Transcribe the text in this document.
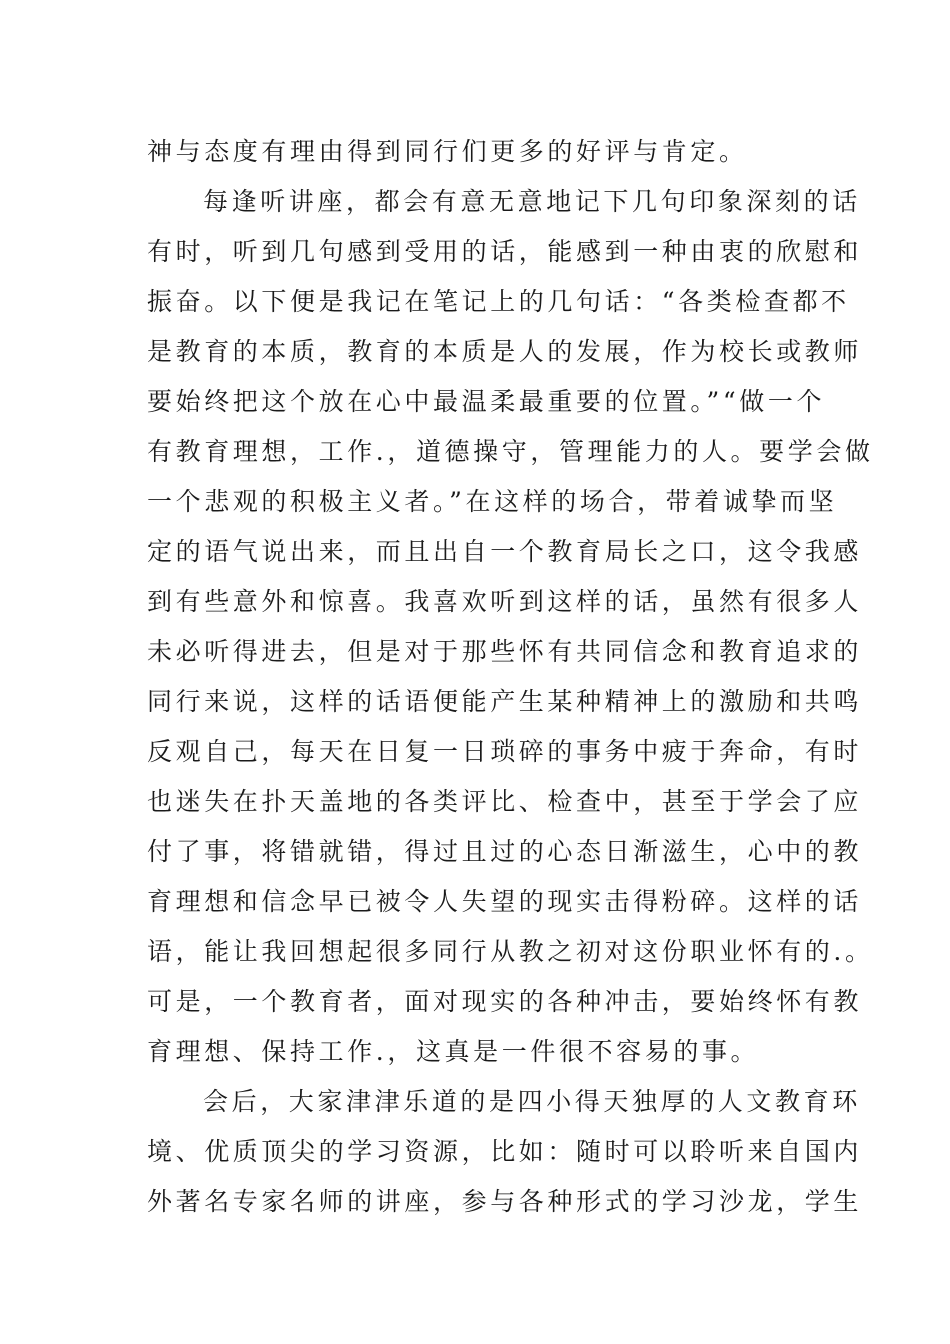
神与态度有理由得到同行们更多的好评与肯定。
每逢听讲座，都会有意无意地记下几句印象深刻的话
有时，听到几句感到受用的话，能感到一种由衷的欣慰和
振奋。以下便是我记在笔记上的几句话：“各类检查都不
是教育的本质，教育的本质是人的发展，作为校长或教师
要始终把这个放在心中最温柔最重要的位置。”“做一个
有教育理想，工作.，道德操守，管理能力的人。要学会做
一个悲观的积极主义者。”在这样的场合，带着诚挚而坚
定的语气说出来，而且出自一个教育局长之口，这令我感
到有些意外和惊喜。我喜欢听到这样的话，虽然有很多人
未必听得进去，但是对于那些怀有共同信念和教育追求的
同行来说，这样的话语便能产生某种精神上的激励和共鸣
反观自己，每天在日复一日琐碎的事务中疲于奔命，有时
也迷失在扑天盖地的各类评比、检查中，甚至于学会了应
付了事，将错就错，得过且过的心态日渐滋生，心中的教
育理想和信念早已被令人失望的现实击得粉碎。这样的话
语，能让我回想起很多同行从教之初对这份职业怀有的.。
可是，一个教育者，面对现实的各种冲击，要始终怀有教
育理想、保持工作.，这真是一件很不容易的事。
会后，大家津津乐道的是四小得天独厚的人文教育环
境、优质顶尖的学习资源，比如：随时可以聆听来自国内
外著名专家名师的讲座，参与各种形式的学习沙龙，学生
